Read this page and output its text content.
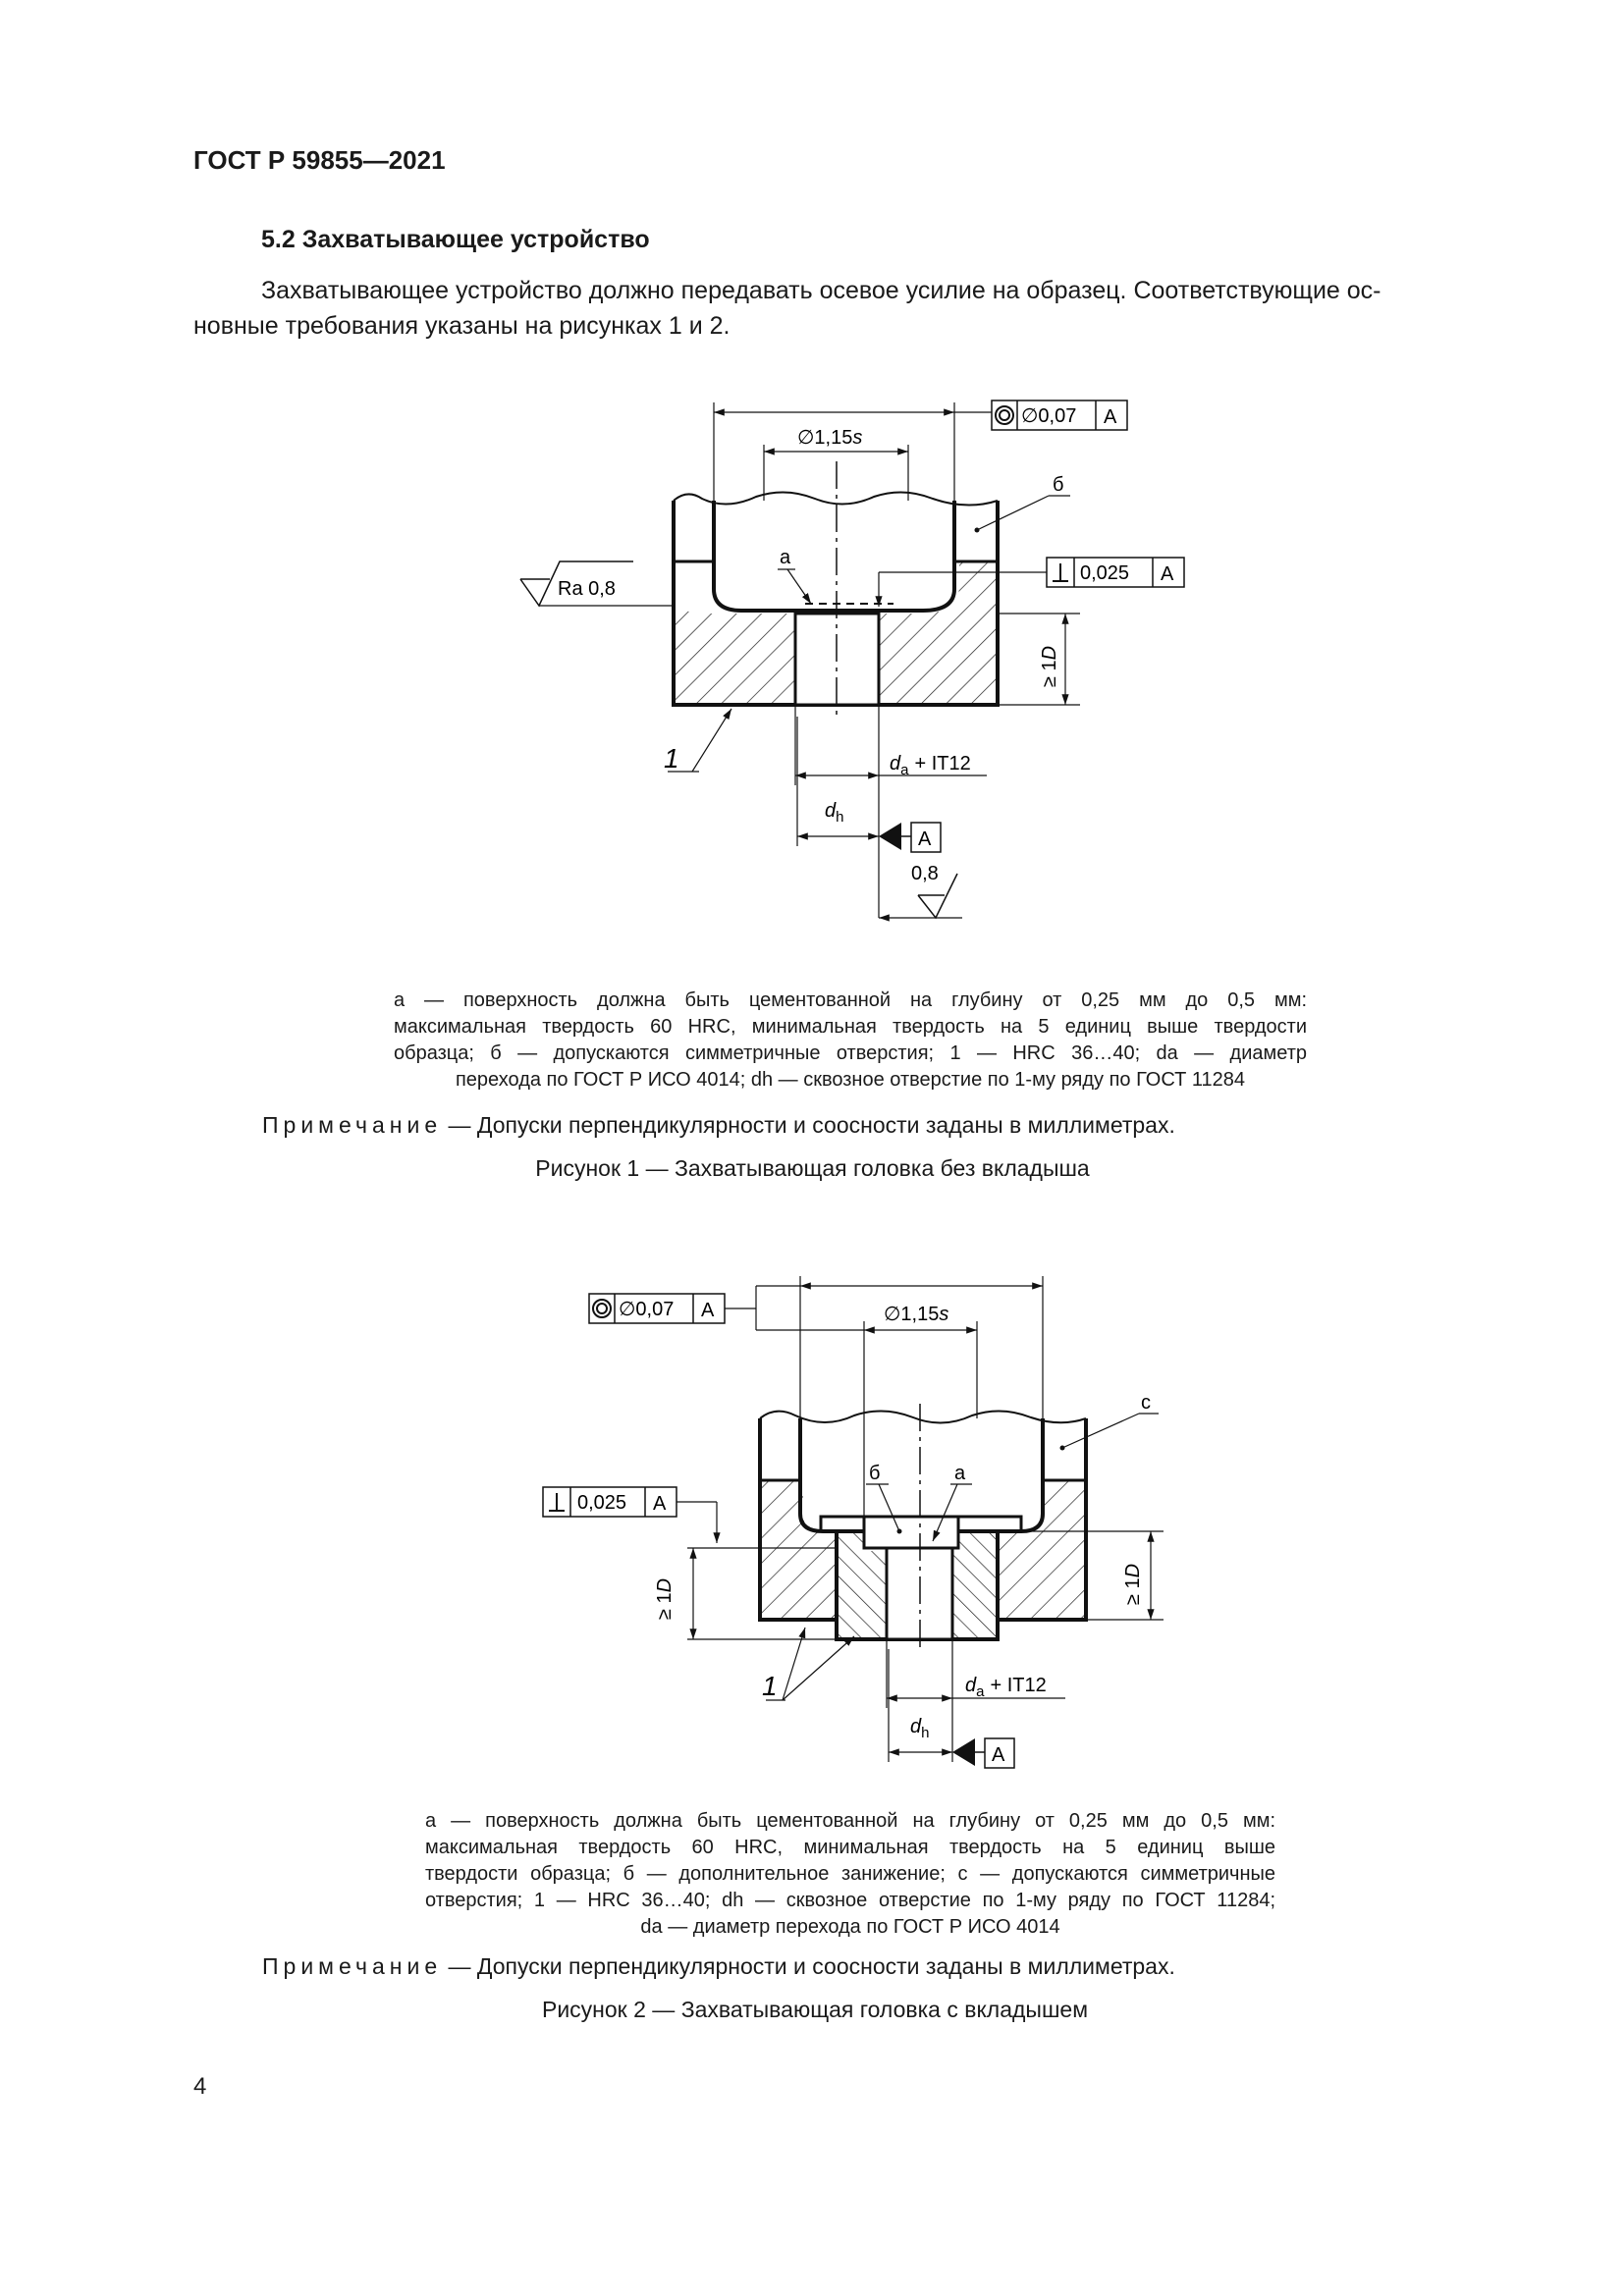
ГОСТ Р 59855—2021
5.2 Захватывающее устройство
Захватывающее устройство должно передавать осевое усилие на образец. Соответствующие ос-
новные требования указаны на рисунках 1 и 2.
∅1,15s
∅0,07 A
б
а
0,025 A
Ra 0,8
≥ 1D
1	$d_a + IT12$
$d_h$
A
0,8

а — поверхность должна быть цементованной на глубину от 0,25 мм до 0,5 мм:

максимальная твердость 60 HRC, минимальная твердость на 5 единиц выше твердости

образца; б — допускаются симметричные отверстия; 1 — HRC 36…40; da — диаметр

перехода по ГОСТ Р ИСО 4014; dh — сквозное отверстие по 1-му ряду по ГОСТ 11284

Примечание — Допуски перпендикулярности и соосности заданы в миллиметрах.
Рисунок 1 — Захватывающая головка без вкладыша
∅1,15s
с
б	а
0,025 A
≥ 1D	≥ 1D
∅0,07 A
1	$d_a + IT12$
$d_h$
A

а — поверхность должна быть цементованной на глубину от 0,25 мм до 0,5 мм:

максимальная твердость 60 HRC, минимальная твердость на 5 единиц выше

твердости образца; б — дополнительное занижение; с — допускаются симметричные

отверстия; 1 — HRC 36…40; dh — сквозное отверстие по 1-му ряду по ГОСТ 11284;

da — диаметр перехода по ГОСТ Р ИСО 4014

Примечание — Допуски перпендикулярности и соосности заданы в миллиметрах.
Рисунок 2 — Захватывающая головка с вкладышем
4
